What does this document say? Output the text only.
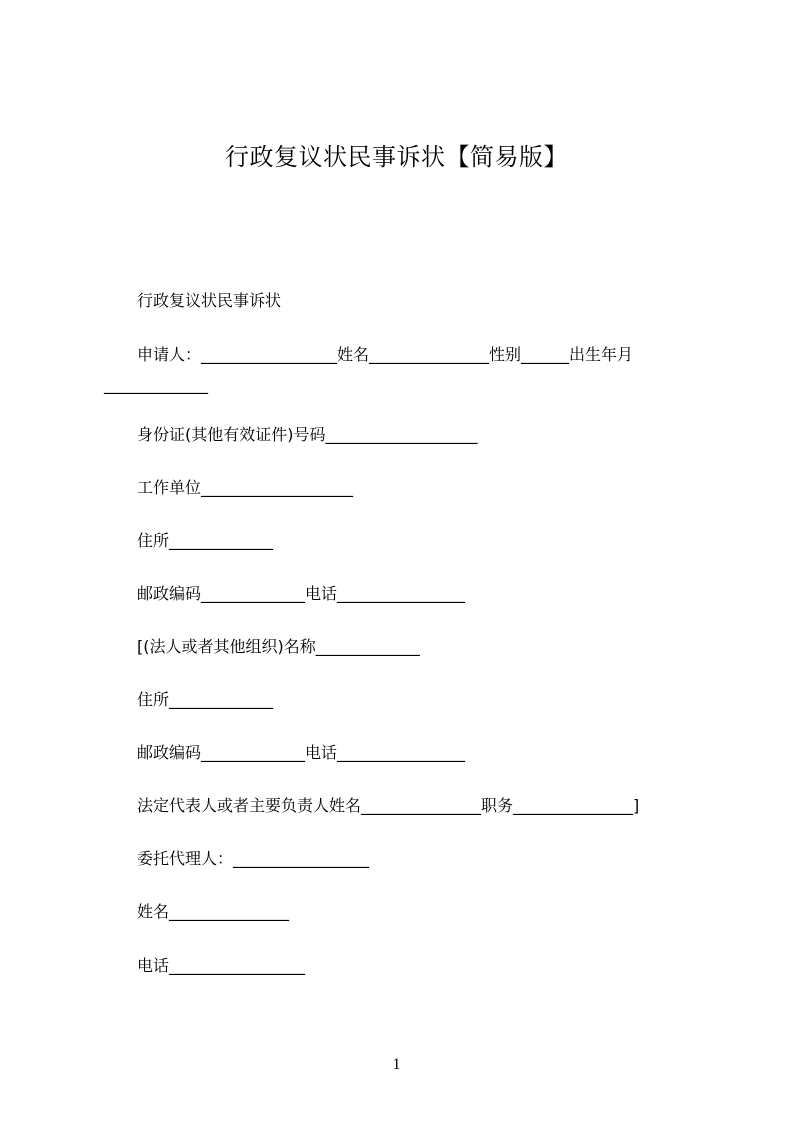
行政复议状民事诉状【简易版】
行政复议状民事诉状
申请人：_________________姓名_______________性别______出生年月_____________
身份证(其他有效证件)号码___________________
工作单位___________________
住所_____________
邮政编码_____________电话________________
[(法人或者其他组织)名称_____________
住所_____________
邮政编码_____________电话________________
法定代表人或者主要负责人姓名_______________职务_______________]
委托代理人：_________________
姓名_______________
电话_________________
1
